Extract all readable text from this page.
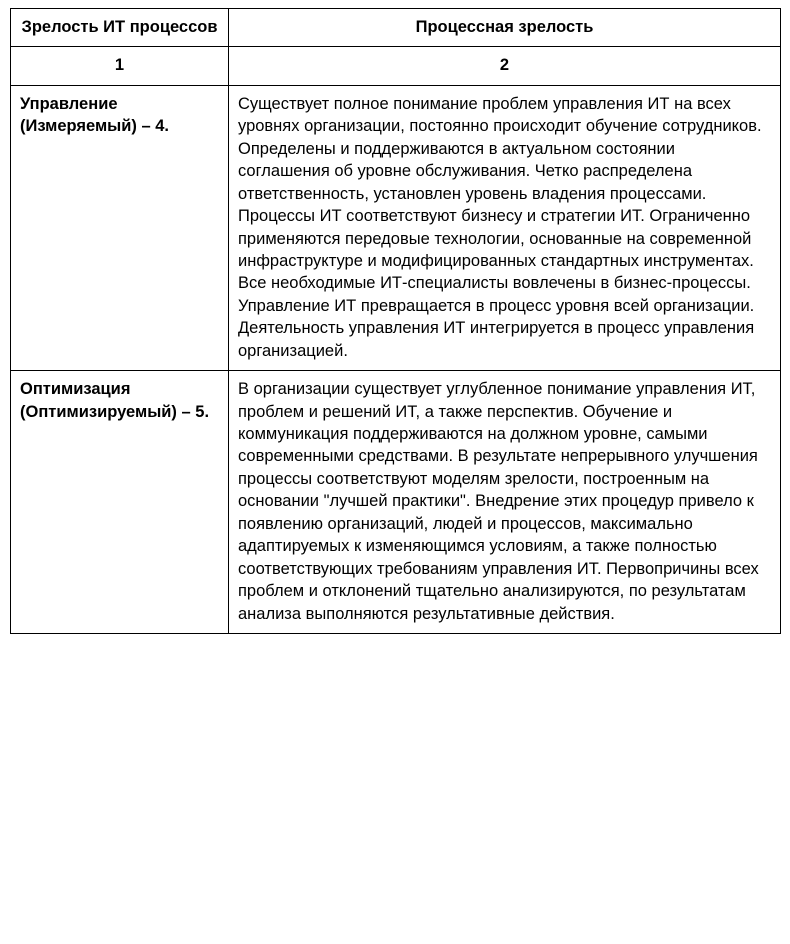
Зрелость ИТ процессов	Процессная зрелость
1	2
Управление (Измеряемый) – 4.	Существует полное понимание проблем управления ИТ на всех уровнях организации, постоянно происходит обучение сотрудников. Определены и поддерживаются в актуальном состоянии соглашения об уровне обслуживания. Четко распределена ответственность, установлен уровень владения процессами. Процессы ИТ соответствуют бизнесу и стратегии ИТ. Ограниченно применяются передовые технологии, основанные на современной инфраструктуре и модифицированных стандартных инструментах. Все необходимые ИТ-специалисты вовлечены в бизнес-процессы. Управление ИТ превращается в процесс уровня всей организации. Деятельность управления ИТ интегрируется в процесс управления организацией.
Оптимизация (Оптимизируемый) – 5.	В организации существует углубленное понимание управления ИТ, проблем и решений ИТ, а также перспектив. Обучение и коммуникация поддерживаются на должном уровне, самыми современными средствами. В результате непрерывного улучшения процессы соответствуют моделям зрелости, построенным на основании "лучшей практики". Внедрение этих процедур привело к появлению организаций, людей и процессов, максимально адаптируемых к изменяющимся условиям, а также полностью соответствующих требованиям управления ИТ. Первопричины всех проблем и отклонений тщательно анализируются, по результатам анализа выполняются результативные действия.
